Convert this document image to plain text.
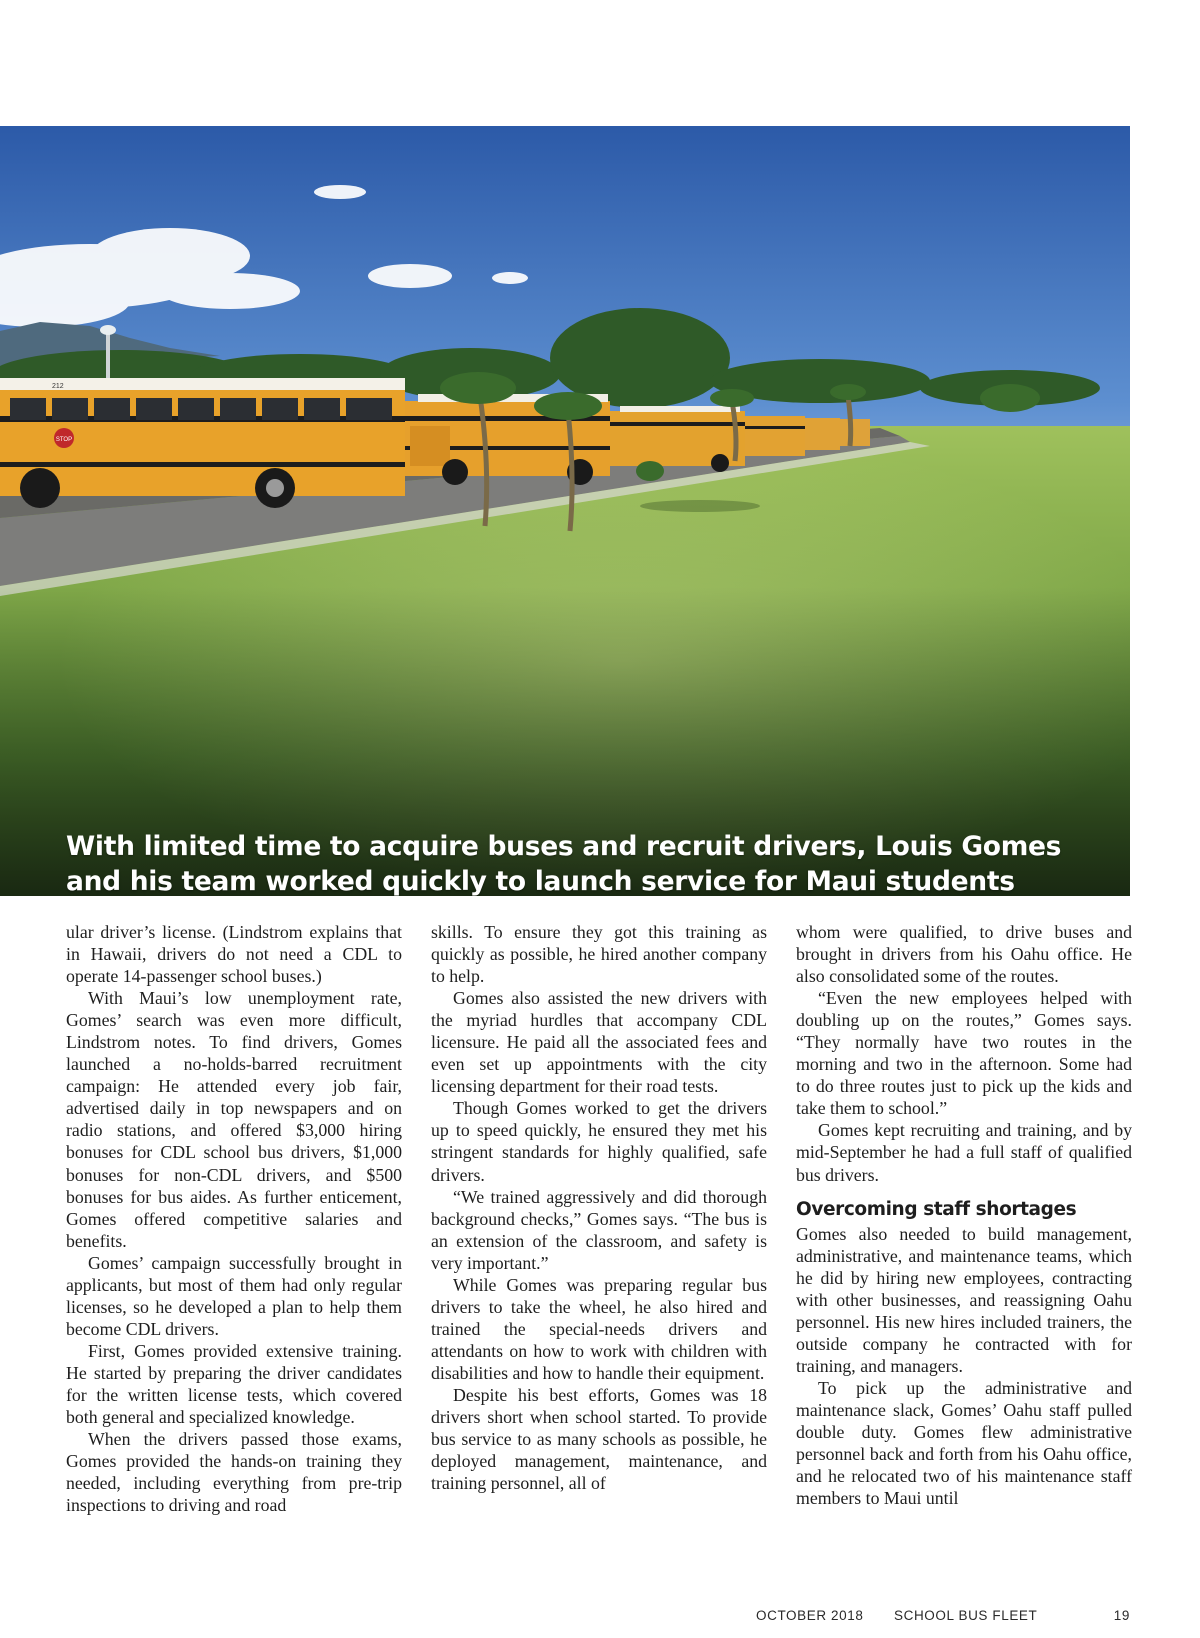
STOP
212

With limited time to acquire buses and recruit drivers, Louis Gomes and his team worked quickly to launch service for Maui students

ular driver’s license. (Lindstrom explains that in Hawaii, drivers do not need a CDL to operate 14-passenger school buses.)

With Maui’s low unemployment rate, Gomes’ search was even more difficult, Lindstrom notes. To find drivers, Gomes launched a no-holds-barred recruitment campaign: He attended every job fair, advertised daily in top newspapers and on radio stations, and offered $3,000 hiring bonuses for CDL school bus drivers, $1,000 bonuses for non-CDL drivers, and $500 bonuses for bus aides. As further enticement, Gomes offered competitive salaries and benefits.

Gomes’ campaign successfully brought in applicants, but most of them had only regular licenses, so he developed a plan to help them become CDL drivers.

First, Gomes provided extensive training. He started by preparing the driver candidates for the written license tests, which covered both general and specialized knowledge.

When the drivers passed those exams, Gomes provided the hands-on training they needed, including everything from pre-trip inspections to driving and road

skills. To ensure they got this training as quickly as possible, he hired another company to help.

Gomes also assisted the new drivers with the myriad hurdles that accompany CDL licensure. He paid all the associated fees and even set up appointments with the city licensing department for their road tests.

Though Gomes worked to get the drivers up to speed quickly, he ensured they met his stringent standards for highly qualified, safe drivers.

“We trained aggressively and did thorough background checks,” Gomes says. “The bus is an extension of the classroom, and safety is very important.”

While Gomes was preparing regular bus drivers to take the wheel, he also hired and trained the special-needs drivers and attendants on how to work with children with disabilities and how to handle their equipment.

Despite his best efforts, Gomes was 18 drivers short when school started. To provide bus service to as many schools as possible, he deployed management, maintenance, and training personnel, all of

whom were qualified, to drive buses and brought in drivers from his Oahu office. He also consolidated some of the routes.

“Even the new employees helped with doubling up on the routes,” Gomes says. “They normally have two routes in the morning and two in the afternoon. Some had to do three routes just to pick up the kids and take them to school.”

Gomes kept recruiting and training, and by mid-September he had a full staff of qualified bus drivers.

Overcoming staff shortages

Gomes also needed to build management, administrative, and maintenance teams, which he did by hiring new employees, contracting with other businesses, and reassigning Oahu personnel. His new hires included trainers, the outside company he contracted with for training, and managers.

To pick up the administrative and maintenance slack, Gomes’ Oahu staff pulled double duty. Gomes flew administrative personnel back and forth from his Oahu office, and he relocated two of his maintenance staff members to Maui until

OCTOBER 2018 SCHOOL BUS FLEET	19
